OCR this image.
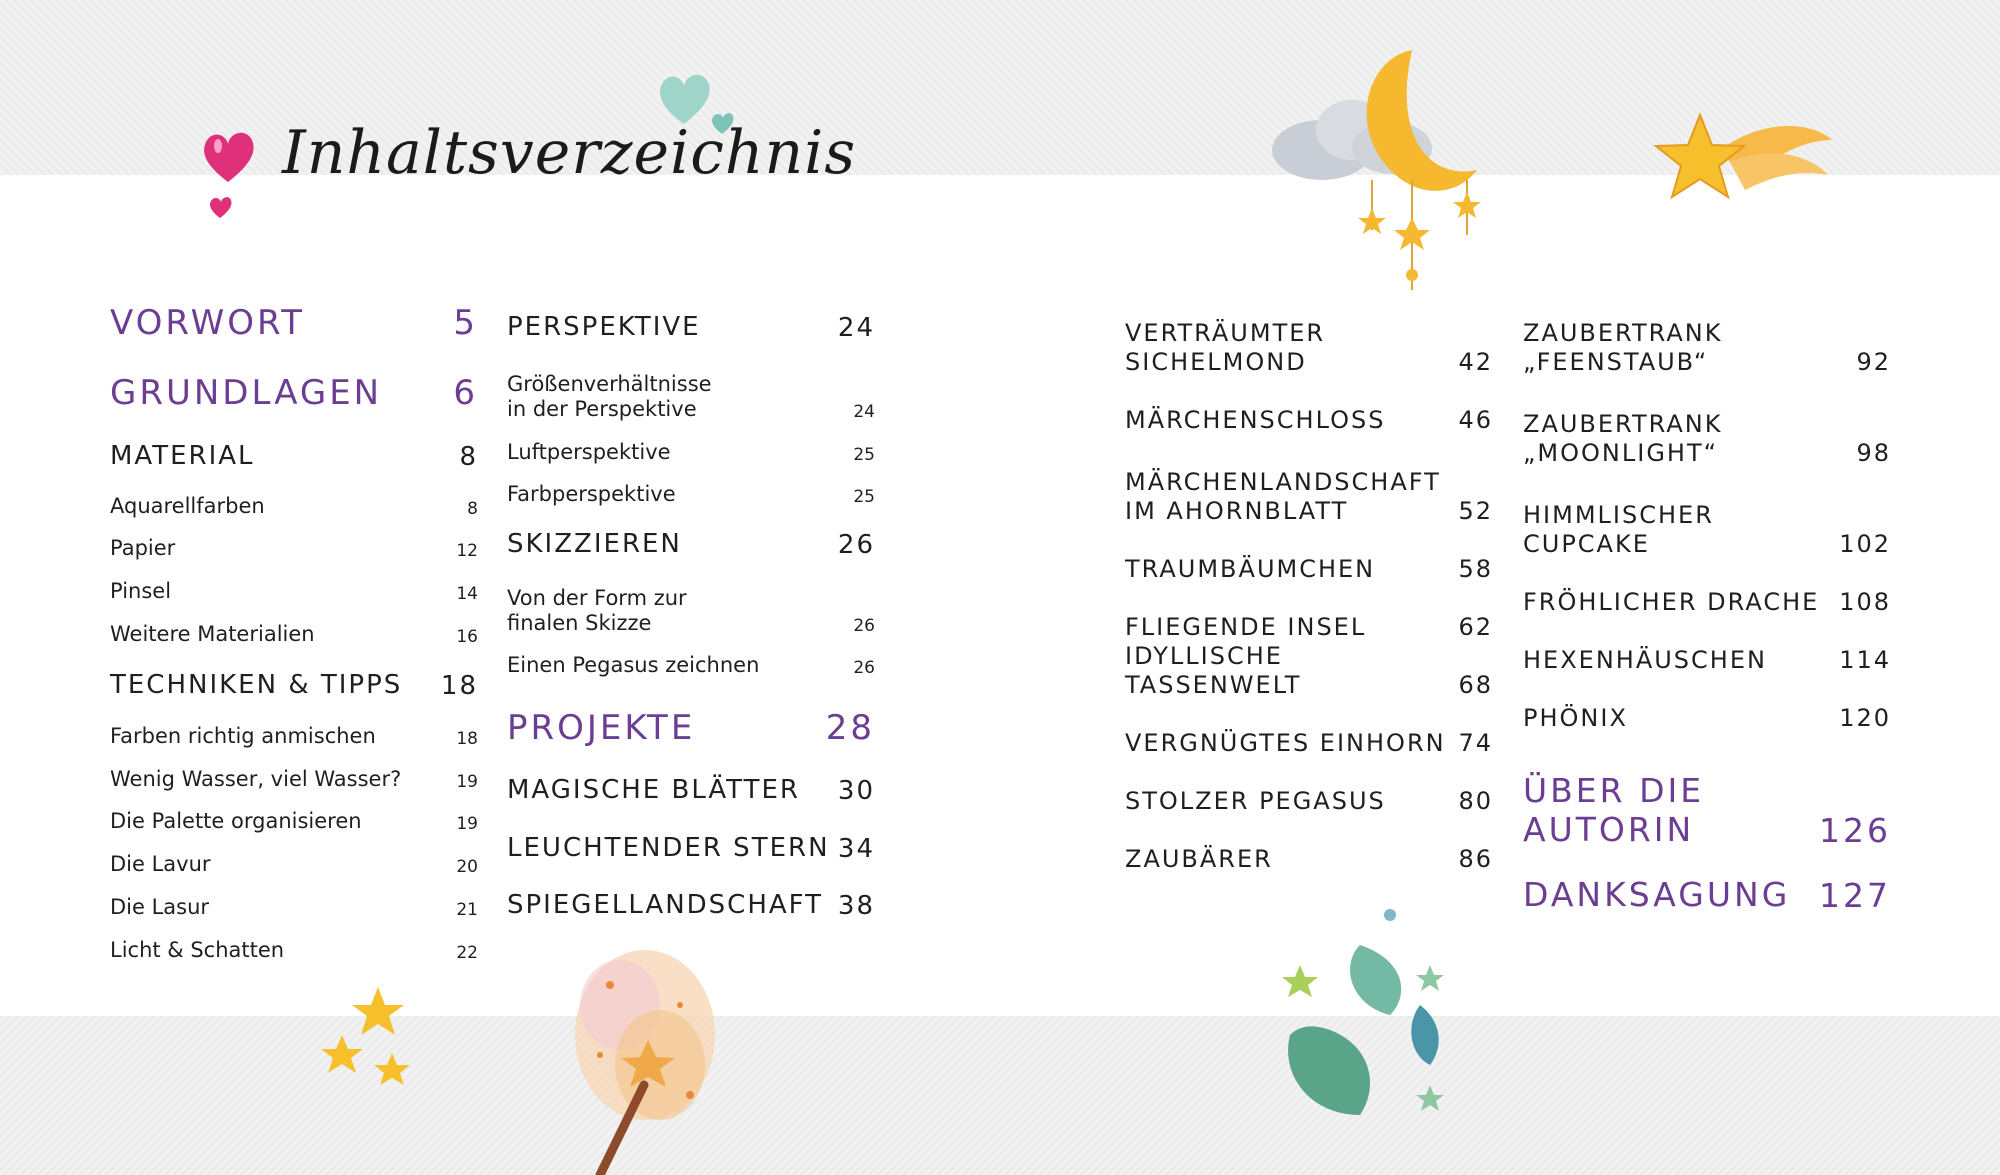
Inhaltsverzeichnis
VORWORT	5
GRUNDLAGEN 6
MATERIAL	8
Aquarellfarben	8
Papier	12
Pinsel	14
Weitere Materialien	16
TECHNIKEN & TIPPS 18
Farben richtig anmischen	18
Wenig Wasser, viel Wasser?	19
Die Palette organisieren	19
Die Lavur	20
Die Lasur	21
Licht & Schatten	22
PERSPEKTIVE	24
Größenverhältnisse
in der Perspektive	24
Luftperspektive	25
Farbperspektive	25
SKIZZIEREN	26
Von der Form zur
finalen Skizze	26
Einen Pegasus zeichnen	26
PROJEKTE	28
MAGISCHE BLÄTTER 30
LEUCHTENDER STERN 34
SPIEGELLANDSCHAFT 38
VERTRÄUMTER
SICHELMOND	42
MÄRCHENSCHLOSS	46
MÄRCHENLANDSCHAFT
IM AHORNBLATT	52
TRAUMBÄUMCHEN	58
FLIEGENDE INSEL	62
IDYLLISCHE TASSENWELT	68
VERGNÜGTES EINHORN 74
STOLZER PEGASUS	80
ZAUBÄRER	86
ZAUBERTRANK
„FEENSTAUB“	92
ZAUBERTRANK
„MOONLIGHT“	98
HIMMLISCHER
CUPCAKE	102
FRÖHLICHER DRACHE 108
HEXENHÄUSCHEN	114
PHÖNIX	120
ÜBER DIE
AUTORIN	126
DANKSAGUNG 127
